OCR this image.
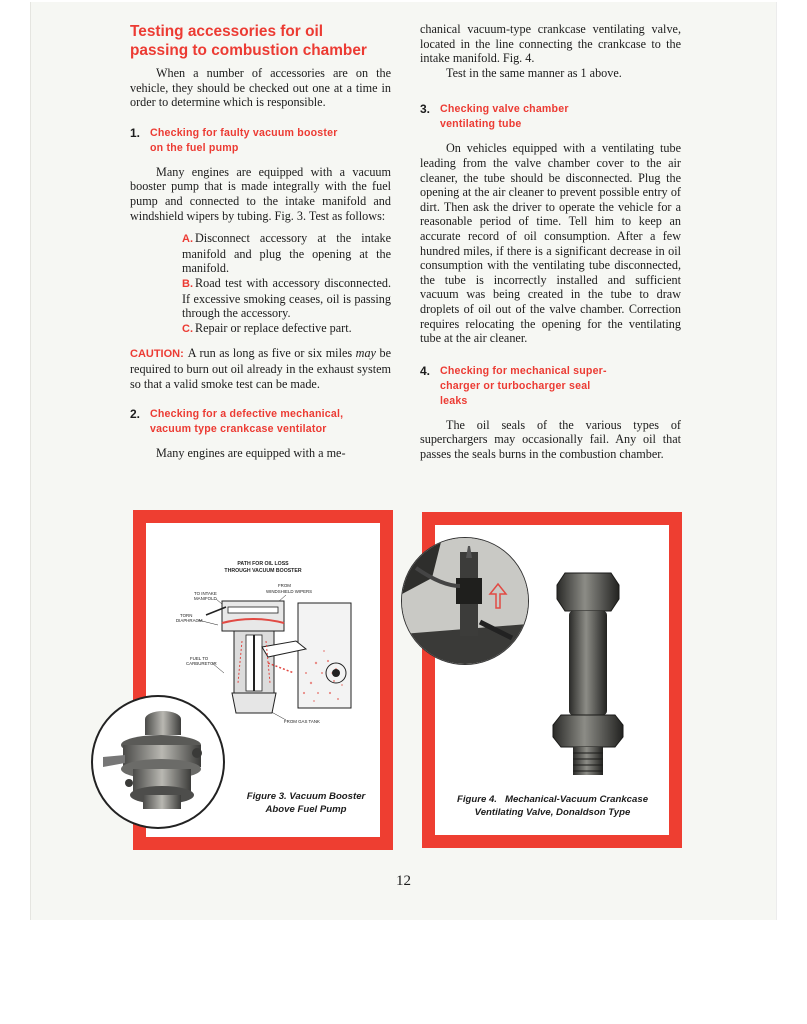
Testing accessories for oil
passing to combustion chamber

When a number of accessories are on the vehicle, they should be checked out one at a time in order to determine which is responsible.

1. Checking for faulty vacuum booster
on the fuel pump

Many engines are equipped with a vacuum booster pump that is made integrally with the fuel pump and connected to the intake manifold and windshield wipers by tubing. Fig. 3. Test as follows:

A. Disconnect accessory at the intake manifold and plug the opening at the manifold.

B. Road test with accessory disconnected. If excessive smoking ceases, oil is passing through the accessory.

C. Repair or replace defective part.

CAUTION: A run as long as five or six miles may be required to burn out oil already in the exhaust system so that a valid smoke test can be made.

2. Checking for a defective mechanical,
vacuum type crankcase ventilator

Many engines are equipped with a me-

chanical vacuum-type crankcase ventilating valve, located in the line connecting the crankcase to the intake manifold. Fig. 4.

Test in the same manner as 1 above.

3. Checking valve chamber
ventilating tube

On vehicles equipped with a ventilating tube leading from the valve chamber cover to the air cleaner, the tube should be disconnected. Plug the opening at the air cleaner to prevent possible entry of dirt. Then ask the driver to operate the vehicle for a reasonable period of time. Tell him to keep an accurate record of oil consumption. After a few hundred miles, if there is a significant decrease in oil consumption with the ventilating tube disconnected, the tube is incorrectly installed and sufficient vacuum was being created in the tube to draw droplets of oil out of the valve chamber. Correction requires relocating the opening for the ventilating tube at the air cleaner.

4. Checking for mechanical super-
charger or turbocharger seal
leaks

The oil seals of the various types of superchargers may occasionally fail. Any oil that passes the seals burns in the combustion chamber.

PATH FOR OIL LOSS
THROUGH VACUUM BOOSTER
TO INTAKE
MANIFOLD
FROM
WINDSHIELD WIPERS
TORN
DIAPHRAGM
FUEL TO
CARBURETOR
FROM GAS TANK
Figure 3. Vacuum Booster
Above Fuel Pump
Figure 4.   Mechanical-Vacuum Crankcase
Ventilating Valve, Donaldson Type
12
